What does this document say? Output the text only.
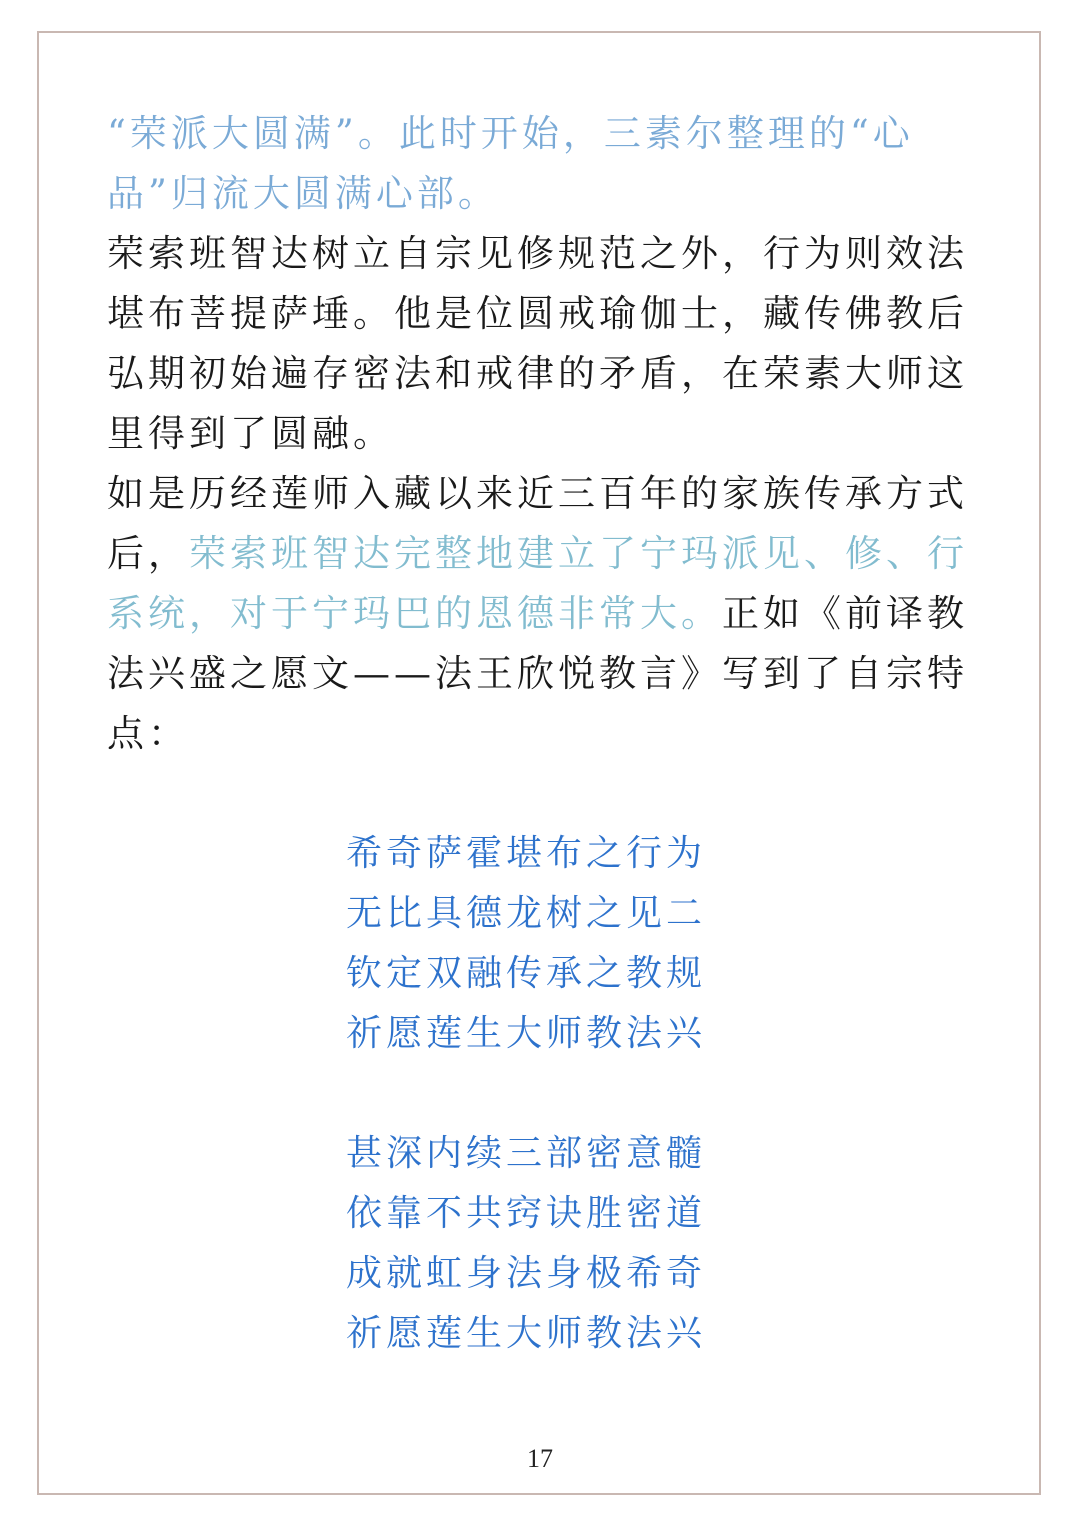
“荣派大圆满”。此时开始，三素尔整理的“心品”归流大圆满心部。

荣索班智达树立自宗见修规范之外，行为则效法堪布菩提萨埵。他是位圆戒瑜伽士，藏传佛教后弘期初始遍存密法和戒律的矛盾，在荣素大师这里得到了圆融。

如是历经莲师入藏以来近三百年的家族传承方式后，荣索班智达完整地建立了宁玛派见、修、行系统，对于宁玛巴的恩德非常大。正如《前译教法兴盛之愿文——法王欣悦教言》写到了自宗特点：

希奇萨霍堪布之行为
无比具德龙树之见二
钦定双融传承之教规
祈愿莲生大师教法兴
甚深内续三部密意髓
依靠不共窍诀胜密道
成就虹身法身极希奇
祈愿莲生大师教法兴
17
